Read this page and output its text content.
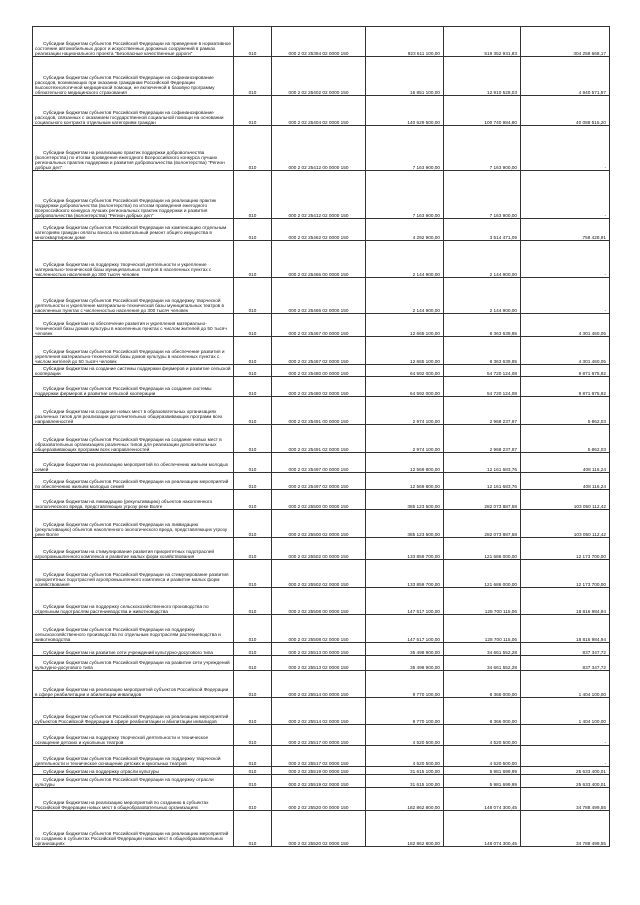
Субсидии бюджетам субъектов Российской Федерации на приведение в нормативное состояние автомобильных дорог и искусственных дорожных сооружений в рамках реализации национального проекта "Безопасные качественные дороги"	010	000 2 02 25394 02 0000 150	923 611 100,00	519 352 931,83	304 258 668,17
Субсидии бюджетам субъектов Российской Федерации на софинансирование расходов, возникающих при оказании гражданам Российской Федерации высокотехнологичной медицинской помощи, не включенной в базовую программу обязательного медицинского страхования	010	000 2 02 25402 02 0000 150	16 851 100,00	12 910 528,03	4 940 571,97
Субсидии бюджетам субъектов Российской Федерации на софинансирование расходов, связанных с оказанием государственной социальной помощи на основании социального контракта отдельным категориям граждан	010	000 2 02 25404 02 0000 150	140 629 500,00	100 740 984,80	40 088 515,20
Субсидии бюджетам на реализацию практик поддержки добровольчества (волонтерства) по итогам проведения ежегодного Всероссийского конкурса лучших региональных практик поддержки и развития добровольчества (волонтерства) "Регион добрых дел"	010	000 2 02 25412 00 0000 150	7 163 900,00	7 163 900,00	-
Субсидии бюджетам субъектов Российской Федерации на реализацию практик поддержки добровольчества (волонтерства) по итогам проведения ежегодного Всероссийского конкурса лучших региональных практик поддержки и развития добровольчества (волонтерства) "Регион добрых дел"	010	000 2 02 25412 02 0000 150	7 163 900,00	7 163 900,00	-
Субсидии бюджетам субъектов Российской Федерации на компенсацию отдельным категориям граждан оплаты взноса на капитальный ремонт общего имущества в многоквартирном доме	010	000 2 02 25462 02 0000 150	4 292 900,00	3 514 471,09	758 428,91
Субсидии бюджетам на поддержку творческой деятельности и укрепление материально-технической базы муниципальных театров в населенных пунктах с численностью населения до 300 тысяч человек	010	000 2 02 25466 00 0000 150	2 144 900,00	2 144 900,00	-
Субсидии бюджетам субъектов Российской Федерации на поддержку творческой деятельности и укрепление материально-технической базы муниципальных театров в населенных пунктах с численностью населения до 300 тысяч человек	010	000 2 02 25466 02 0000 150	2 144 900,00	2 144 900,00	-
Субсидии бюджетам на обеспечение развития и укрепления материально-технической базы домов культуры в населенных пунктах с числом жителей до 50 тысяч человек	010	000 2 02 25467 00 0000 150	12 665 100,00	8 363 639,95	4 301 460,05
Субсидии бюджетам субъектов Российской Федерации на обеспечение развития и укрепления материально-технической базы домов культуры в населенных пунктах с числом жителей до 50 тысяч человек	010	000 2 02 25467 02 0000 150	12 665 100,00	8 363 639,95	4 301 460,05
Субсидии бюджетам на создание системы поддержки фермеров и развитие сельской кооперации	010	000 2 02 25480 00 0000 150	64 592 000,00	54 720 124,08	9 871 875,92
Субсидии бюджетам субъектов Российской Федерации на создание системы поддержки фермеров и развитие сельской кооперации	010	000 2 02 25480 02 0000 150	64 592 000,00	54 720 124,08	9 871 875,92
Субсидии бюджетам на создание новых мест в образовательных организациях различных типов для реализации дополнительных общеразвивающих программ всех направленностей	010	000 2 02 25491 00 0000 150	2 974 100,00	2 968 237,97	5 862,03
Субсидии бюджетам субъектов Российской Федерации на создание новых мест в образовательных организациях различных типов для реализации дополнительных общеразвивающих программ всех направленностей	010	000 2 02 25491 02 0000 150	2 974 100,00	2 968 237,97	5 862,03
Субсидии бюджетам на реализацию мероприятий по обеспечению жильем молодых семей	010	000 2 02 25497 00 0000 150	12 569 800,00	12 161 683,76	408 116,24
Субсидии бюджетам субъектов Российской Федерации на реализацию мероприятий по обеспечению жильем молодых семей	010	000 2 02 25497 02 0000 150	12 569 800,00	12 161 683,76	408 116,24
Субсидии бюджетам на ликвидацию (рекультивацию) объектов накопленного экологического вреда, представляющих угрозу реке Волге	010	000 2 02 25500 00 0000 150	385 123 500,00	282 073 887,58	103 050 112,42
Субсидии бюджетам субъектов Российской Федерации на ликвидацию (рекультивацию) объектов накопленного экологического вреда, представляющих угрозу реке Волге	010	000 2 02 25500 02 0000 150	385 123 500,00	282 073 887,58	103 050 112,42
Субсидии бюджетам на стимулирование развития приоритетных подотраслей агропромышленного комплекса и развитие малых форм хозяйствования	010	000 2 02 25502 00 0000 150	133 859 700,00	121 686 000,00	12 173 700,00
Субсидии бюджетам субъектов Российской Федерации на стимулирование развития приоритетных подотраслей агропромышленного комплекса и развитие малых форм хозяйствования	010	000 2 02 25502 02 0000 150	133 859 700,00	121 686 000,00	12 173 700,00
Субсидии бюджетам на поддержку сельскохозяйственного производства по отдельным подотраслям растениеводства и животноводства	010	000 2 02 25508 00 0000 150	147 517 100,00	128 700 115,06	18 816 984,94
Субсидии бюджетам субъектов Российской Федерации на поддержку сельскохозяйственного производства по отдельным подотраслям растениеводства и животноводства	010	000 2 02 25508 02 0000 150	147 517 100,00	128 700 115,06	18 816 984,94
Субсидии бюджетам на развитие сети учреждений культурно-досугового типа	010	000 2 02 25513 00 0000 150	35 498 900,00	34 661 552,28	837 347,72
Субсидии бюджетам субъектов Российской Федерации на развитие сети учреждений культурно-досугового типа	010	000 2 02 25513 02 0000 150	35 498 900,00	34 661 552,28	837 347,72
Субсидии бюджетам на реализацию мероприятий субъектов Российской Федерации в сфере реабилитации и абилитации инвалидов	010	000 2 02 25514 00 0000 150	9 770 100,00	8 366 000,00	1 404 100,00
Субсидии бюджетам субъектов Российской Федерации на реализацию мероприятий субъектов Российской Федерации в сфере реабилитации и абилитации инвалидов	010	000 2 02 25514 02 0000 150	9 770 100,00	8 366 000,00	1 404 100,00
Субсидии бюджетам на поддержку творческой деятельности и техническое оснащение детских и кукольных театров	010	000 2 02 25517 00 0000 150	4 520 500,00	4 520 500,00	-
Субсидии бюджетам субъектов Российской Федерации на поддержку творческой деятельности и техническое оснащение детских и кукольных театров	010	000 2 02 25517 02 0000 150	4 520 500,00	4 520 500,00	-
Субсидии бюджетам на поддержку отрасли культуры	010	000 2 02 25519 00 0000 150	31 615 100,00	5 981 699,99	25 633 400,01
Субсидии бюджетам субъектов Российской Федерации на поддержку отрасли культуры	010	000 2 02 25519 02 0000 150	31 615 100,00	5 981 699,99	25 633 400,01
Субсидии бюджетам на реализацию мероприятий по созданию в субъектах Российской Федерации новых мест в общеобразовательных организациях	010	000 2 02 25520 00 0000 150	182 862 800,00	148 074 300,45	34 788 499,55
Субсидии бюджетам субъектов Российской Федерации на реализацию мероприятий по созданию в субъектах Российской Федерации новых мест в общеобразовательных организациях	010	000 2 02 25520 02 0000 150	182 862 800,00	148 074 300,45	34 788 499,55
